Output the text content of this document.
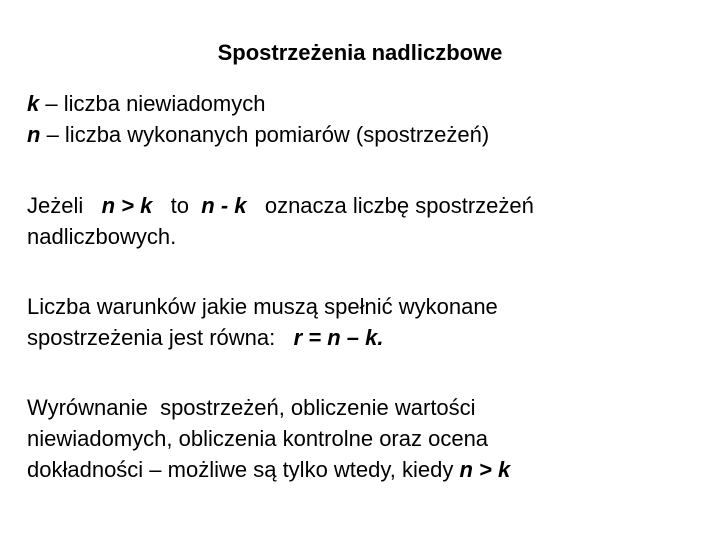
Spostrzeżenia nadliczbowe
k – liczba niewiadomych
n – liczba wykonanych pomiarów (spostrzeżeń)
Jeżeli   n > k   to  n - k   oznacza liczbę spostrzeżeń
nadliczbowych.
Liczba warunków jakie muszą spełnić wykonane
spostrzeżenia jest równa:   r = n – k.
Wyrównanie  spostrzeżeń, obliczenie wartości
niewiadomych, obliczenia kontrolne oraz ocena
dokładności – możliwe są tylko wtedy, kiedy n > k
